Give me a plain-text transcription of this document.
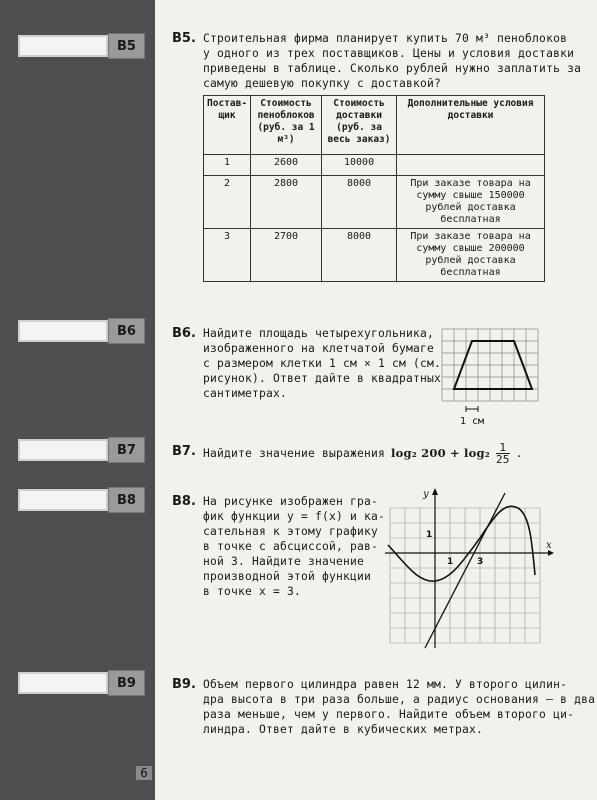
B5
B6
B7
B8
B9
6
B5. Строительная фирма планирует купить 70 м³ пеноблоков
у одного из трех поставщиков. Цены и условия доставки
приведены в таблице. Сколько рублей нужно заплатить за
самую дешевую покупку с доставкой?
Постав-щик	Стоимость пеноблоков (руб. за 1 м³)	Стоимость доставки (руб. за весь заказ)	Дополнительные условия доставки
1	2600	10000	
2	2800	8000	При заказе товара на сумму свыше 150000 рублей доставка бесплатная
3	2700	8000	При заказе товара на сумму свыше 200000 рублей доставка бесплатная
B6. Найдите площадь четырехугольника,
изображенного на клетчатой бумаге
с размером клетки 1 см × 1 см (см.
рисунок). Ответ дайте в квадратных
сантиметрах.
1 см
B7. Найдите значение выражения log₂ $200 + \log_2 \frac{1}{25}$ .
B8. На рисунке изображен гра-
фик функции y = f(x) и ка-
сательная к этому графику
в точке с абсциссой, рав-
ной 3. Найдите значение
производной этой функции
в точке x = 3.
y
x
1
1	3
B9. Объем первого цилиндра равен 12 мм. У второго цилин-
дра высота в три раза больше, а радиус основания — в два
раза меньше, чем у первого. Найдите объем второго ци-
линдра. Ответ дайте в кубических метрах.
